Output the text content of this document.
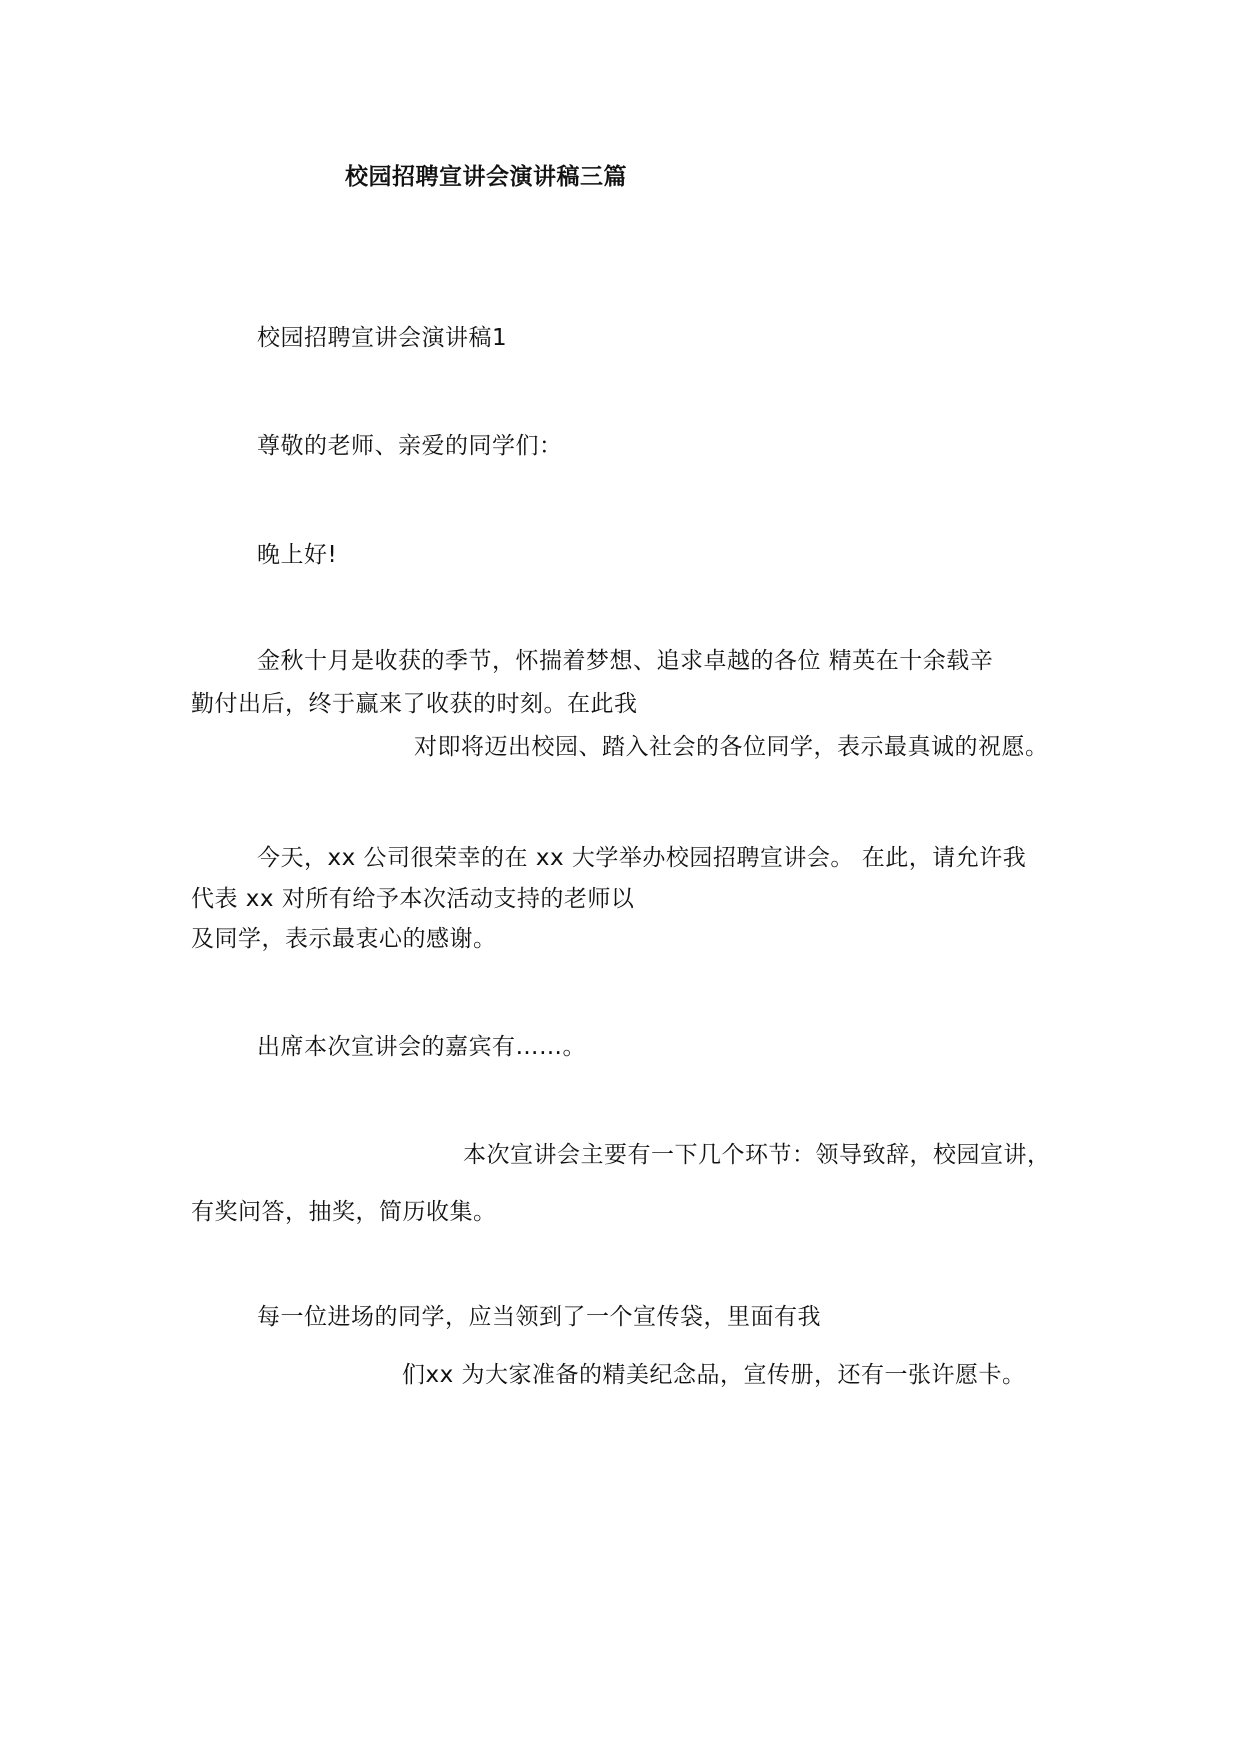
校园招聘宣讲会演讲稿三篇
校园招聘宣讲会演讲稿1
尊敬的老师、亲爱的同学们：
晚上好!
金秋十月是收获的季节，怀揣着梦想、追求卓越的各位 精英在十余载辛
勤付出后，终于赢来了收获的时刻。在此我
对即将迈出校园、踏入社会的各位同学，表示最真诚的祝愿。
今天，xx 公司很荣幸的在 xx 大学举办校园招聘宣讲会。 在此，请允许我
代表 xx 对所有给予本次活动支持的老师以
及同学，表示最衷心的感谢。
出席本次宣讲会的嘉宾有……。
本次宣讲会主要有一下几个环节：领导致辞，校园宣讲，
有奖问答，抽奖，简历收集。
每一位进场的同学，应当领到了一个宣传袋，里面有我
们xx 为大家准备的精美纪念品，宣传册，还有一张许愿卡。
